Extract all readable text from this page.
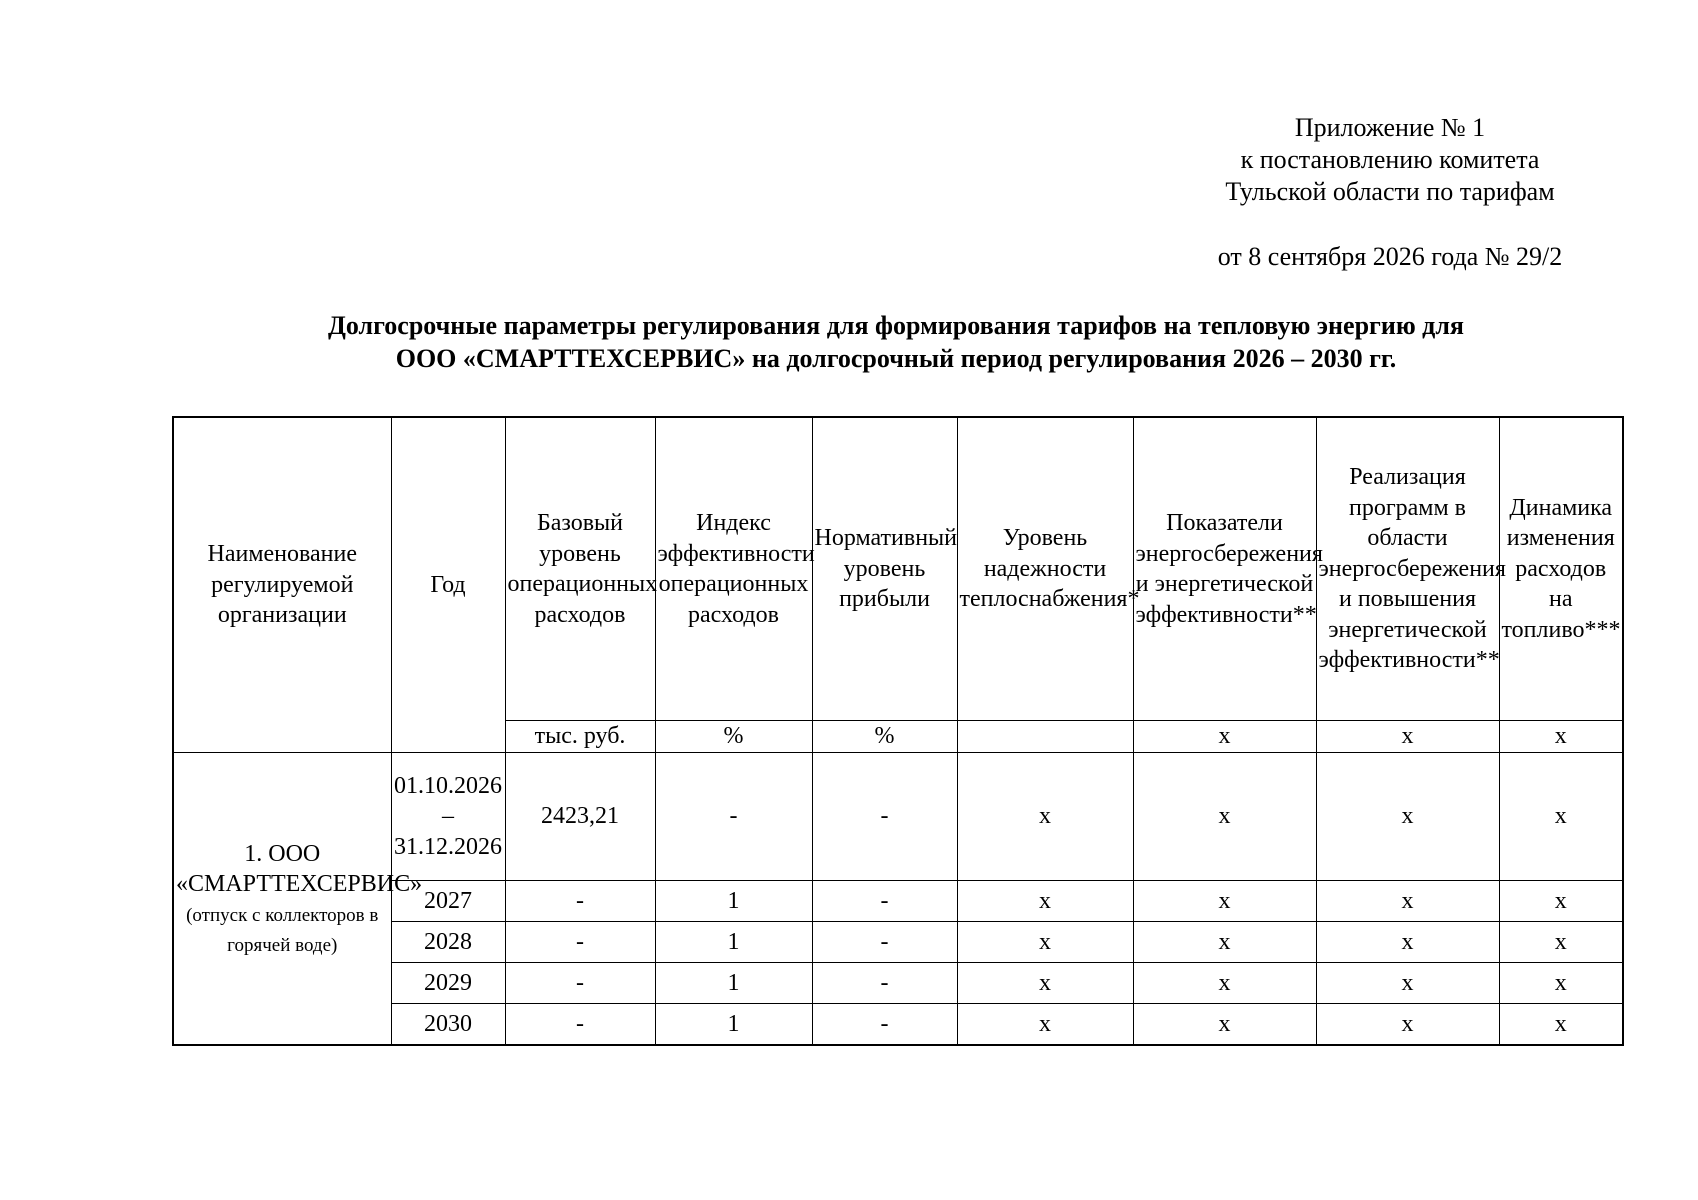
Приложение № 1
к постановлению комитета
Тульской области по тарифам
от 8 сентября 2026 года № 29/2
Долгосрочные параметры регулирования для формирования тарифов на тепловую энергию для
ООО «СМАРТТЕХСЕРВИС» на долгосрочный период регулирования 2026 – 2030 гг.
Наименование регулируемой организации	Год	Базовый уровень операционных расходов	Индекс эффективности операционных расходов	Нормативный уровень прибыли	Уровень надежности теплоснабжения*	Показатели энергосбережения и энергетической эффективности**	Реализация программ в области энергосбережения и повышения энергетической эффективности**	Динамика изменения расходов на топливо***
		тыс. руб.	%	%		x	x	x
1. ООО «СМАРТТЕХСЕРВИС» (отпуск с коллекторов в горячей воде)	01.10.2026 – 31.12.2026	2423,21	-	-	x	x	x	x
	2027	-	1	-	x	x	x	x
	2028	-	1	-	x	x	x	x
	2029	-	1	-	x	x	x	x
	2030	-	1	-	x	x	x	x
